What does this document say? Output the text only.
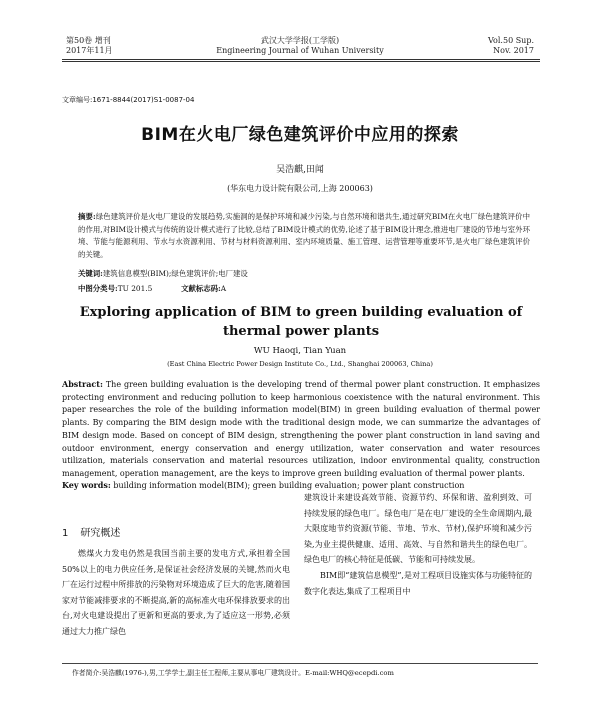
第50卷 增刊
2017年11月
武汉大学学报(工学版)
Engineering Journal of Wuhan University
Vol.50 Sup.
Nov. 2017
文章编号:1671-8844(2017)S1-0087-04
BIM在火电厂绿色建筑评价中应用的探索
吴浩麒,田闻
(华东电力设计院有限公司,上海 200063)
摘要:绿色建筑评价是火电厂建设的发展趋势,实施洞的是保护环境和减少污染,与自然环境和谐共生,通过研究BIM在火电厂绿色建筑评价中的作用,对BIM设计模式与传统的设计模式进行了比较,总结了BIM设计模式的优势,论述了基于BIM设计理念,推进电厂建设的节地与室外环境、节能与能源利用、节水与水资源利用、节材与材料资源利用、室内环境质量、施工管理、运营管理等重要环节,是火电厂绿色建筑评价的关键。
关键词:建筑信息模型(BIM);绿色建筑评价;电厂建设
中图分类号:TU 201.5	文献标志码:A
Exploring application of BIM to green building evaluation of
thermal power plants
WU Haoqi, Tian Yuan
(East China Electric Power Design Institute Co., Ltd., Shanghai 200063, China)
Abstract: The green building evaluation is the developing trend of thermal power plant construction. It emphasizes protecting environment and reducing pollution to keep harmonious coexistence with the natural environment. This paper researches the role of the building information model(BIM) in green building evaluation of thermal power plants. By comparing the BIM design mode with the traditional design mode, we can summarize the advantages of BIM design mode. Based on concept of BIM design, strengthening the power plant construction in land saving and outdoor environment, energy conservation and energy utilization, water conservation and water resources utilization, materials conservation and material resources utilization, indoor environmental quality, construction management, operation management, are the keys to improve green building evaluation of thermal power plants.
Key words: building information model(BIM); green building evaluation; power plant construction
1 研究概述

燃煤火力发电仍然是我国当前主要的发电方式,承担着全国50%以上的电力供应任务,是保证社会经济发展的关键,然而火电厂在运行过程中所排放的污染物对环境造成了巨大的危害,随着国家对节能减排要求的不断提高,新的高标准火电环保排放要求的出台,对火电建设提出了更新和更高的要求,为了适应这一形势,必须通过大力推广绿色

建筑设计来建设高效节能、资源节约、环保和谐、盈利到效、可持续发展的绿色电厂。绿色电厂是在电厂建设的全生命周期内,最大限度地节约资源(节能、节地、节水、节材),保护环境和减少污染,为业主提供健康、适用、高效、与自然和谐共生的绿色电厂。绿色电厂的核心特征是低碳、节能和可持续发展。

BIM即“建筑信息模型”,是对工程项目设施实体与功能特征的数字化表达,集成了工程项目中

作者简介:吴浩麒(1976-),男,工学学士,副主任工程师,主要从事电厂建筑设计。E-mail:WHQ@ecepdi.com
